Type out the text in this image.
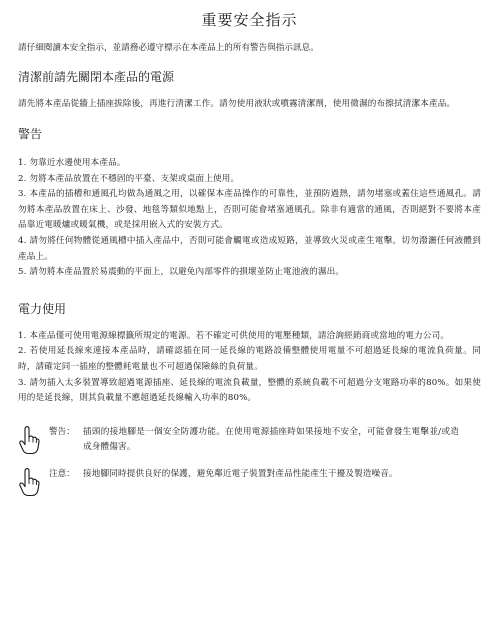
重要安全指示

請仔細閱讀本安全指示，並請務必遵守標示在本產品上的所有警告與指示訊息。

清潔前請先關閉本產品的電源

請先將本產品從牆上插座拔除後，再進行清潔工作。請勿使用液狀或噴霧清潔劑，使用微濕的布擦拭清潔本產品。

警告
1. 勿靠近水邊使用本產品。
2. 勿將本產品放置在不穩固的平臺、支架或桌面上使用。
3. 本產品的插槽和通風孔均做為通風之用，以確保本產品操作的可靠性，並預防過熱，請勿堵塞或蓋住這些通風孔。請勿將本產品放置在床上、沙發、地毯等類似地點上，否則可能會堵塞通風孔。除非有適當的通風，否則絕對不要將本產品靠近電暖爐或暖氣機，或是採用嵌入式的安裝方式。
4. 請勿將任何物體從通風槽中插入產品中，否則可能會觸電或造成短路，並導致火災或產生電擊。切勿潑灑任何液體到產品上。
5. 請勿將本產品置於易震動的平面上，以避免內部零件的損壞並防止電池液的濕出。
電力使用
1. 本產品僅可使用電源線標籤所規定的電源。若不確定可供使用的電壓種類，請洽詢經銷商或當地的電力公司。
2. 若使用延長線來連接本產品時，請確認插在同一延長線的電路設備整體使用電量不可超過延長線的電流負荷量。同時，請確定同一插座的整體耗電量也不可超過保險絲的負荷量。
3. 請勿插入太多裝置導致超過電源插座、延長線的電流負載量，整體的系統負載不可超過分支電路功率的80%。如果使用的是延長線，則其負載量不應超過延長線輸入功率的80%。
警告： 插頭的接地腳是一個安全防護功能。在使用電源插座時如果接地不安全，可能會發生電擊並/或造成身體傷害。
注意： 接地腳同時提供良好的保護，避免鄰近電子裝置對產品性能產生干擾及製造噪音。
